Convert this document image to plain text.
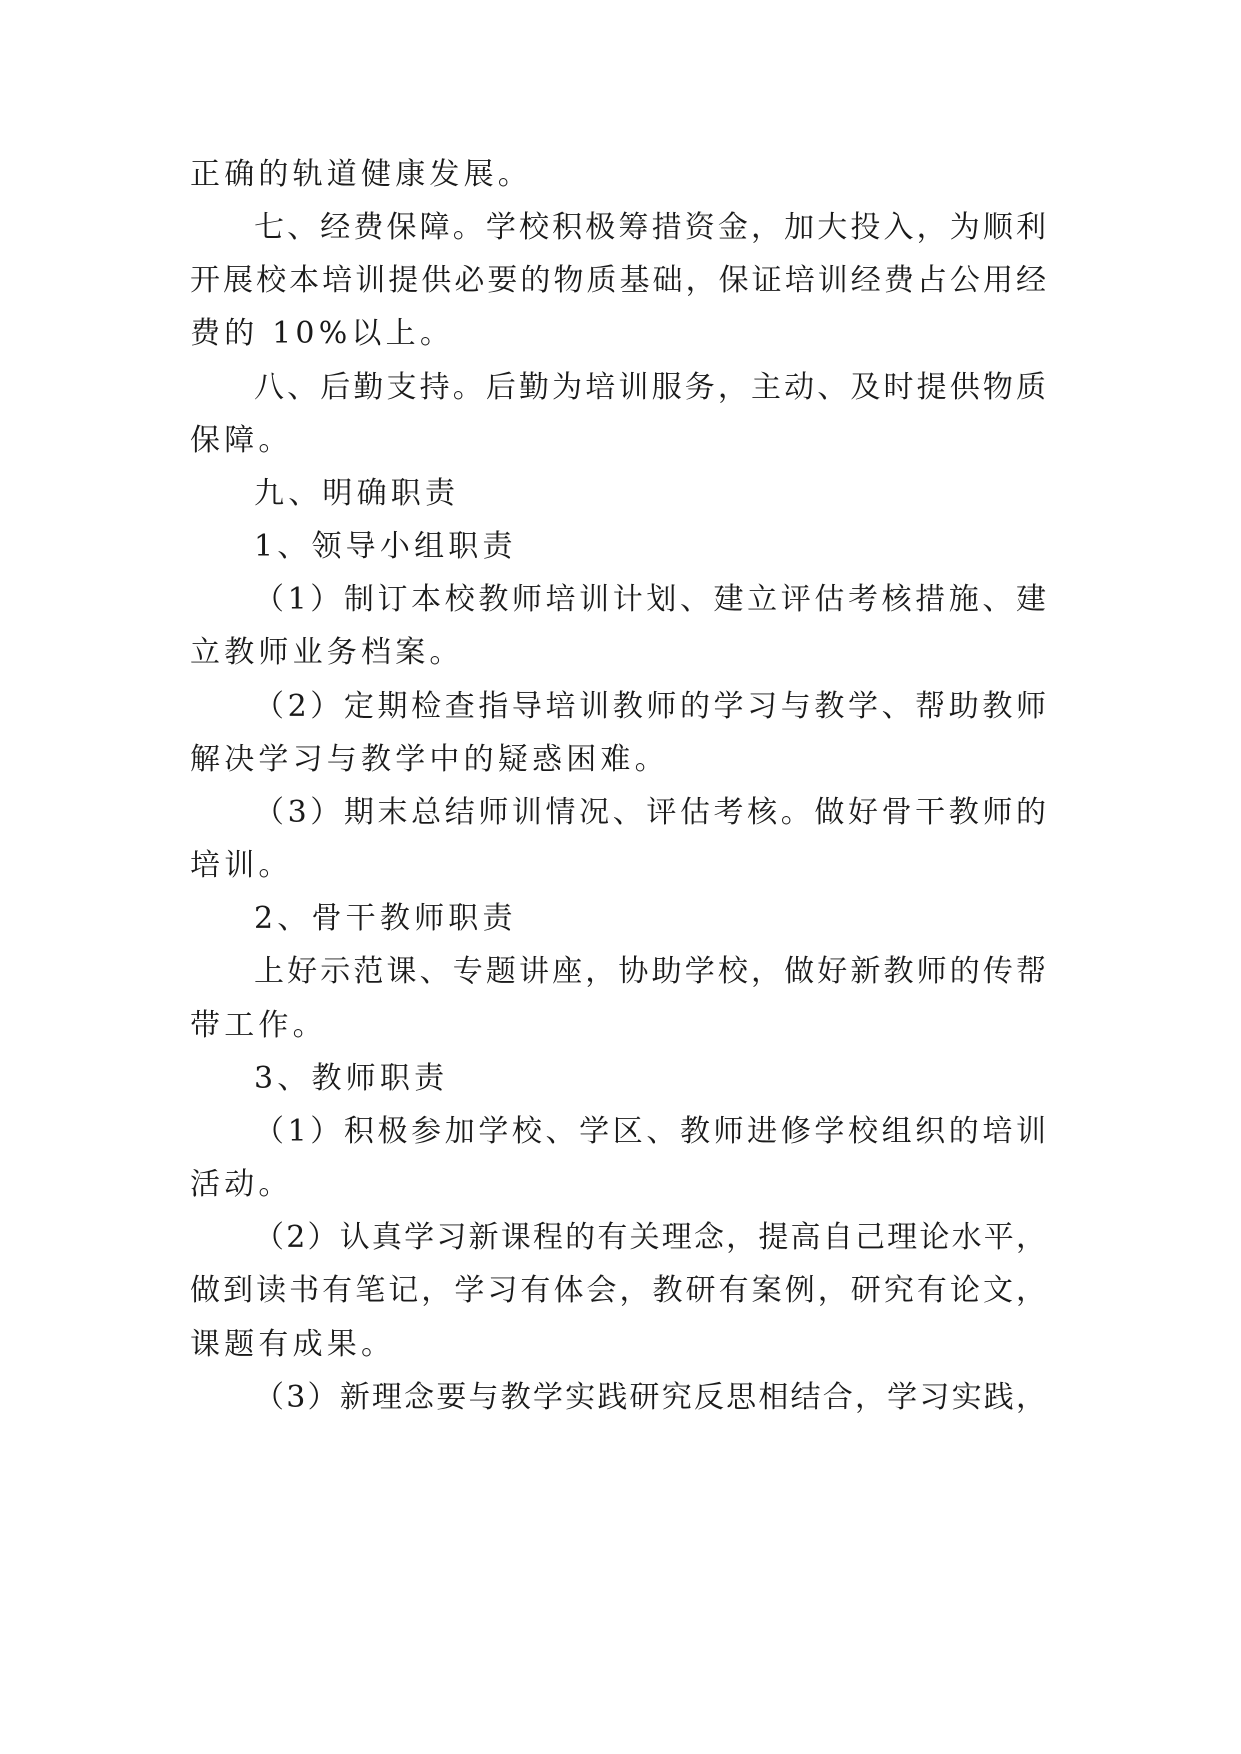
正确的轨道健康发展。
七、经费保障。学校积极筹措资金，加大投入，为顺利
开展校本培训提供必要的物质基础，保证培训经费占公用经
费的 10%以上。
八、后勤支持。后勤为培训服务，主动、及时提供物质
保障。
九、明确职责
1、领导小组职责
（1）制订本校教师培训计划、建立评估考核措施、建
立教师业务档案。
（2）定期检查指导培训教师的学习与教学、帮助教师
解决学习与教学中的疑惑困难。
（3）期末总结师训情况、评估考核。做好骨干教师的
培训。
2、骨干教师职责
上好示范课、专题讲座，协助学校，做好新教师的传帮
带工作。
3、教师职责
（1）积极参加学校、学区、教师进修学校组织的培训
活动。
（2）认真学习新课程的有关理念，提高自己理论水平，
做到读书有笔记，学习有体会，教研有案例，研究有论文，
课题有成果。
（3）新理念要与教学实践研究反思相结合，学习实践，
